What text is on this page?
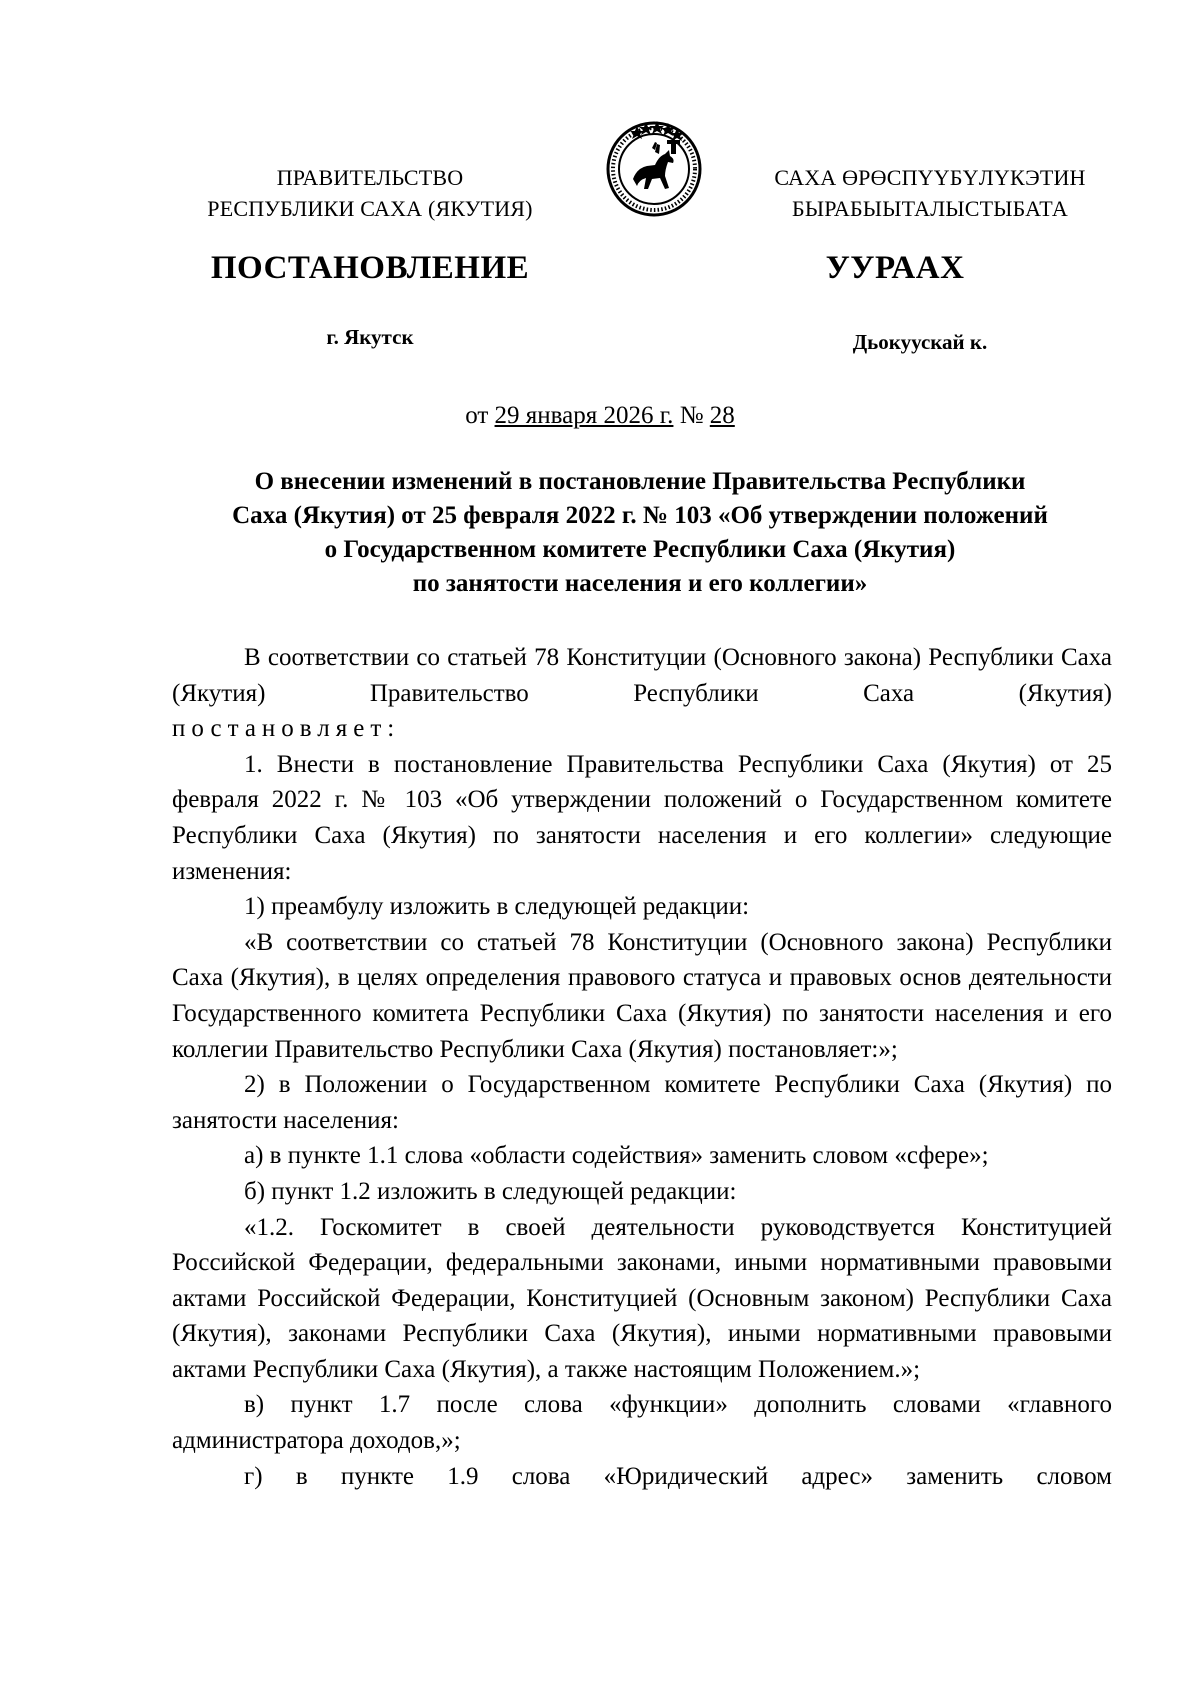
ПРАВИТЕЛЬСТВО
РЕСПУБЛИКИ САХА (ЯКУТИЯ)
САХА ӨРӨСПҮҮБҮЛҮКЭТИН
БЫРАБЫЫТАЛЫСТЫБАТА
ПОСТАНОВЛЕНИЕ	УУРААХ
г. Якутск	Дьокуускай к.
от 29 января 2026 г. № 28
О внесении изменений в постановление Правительства Республики
Саха (Якутия) от 25 февраля 2022 г. № 103 «Об утверждении положений
о Государственном комитете Республики Саха (Якутия)
по занятости населения и его коллегии»

В соответствии со статьей 78 Конституции (Основного закона) Республики Саха (Якутия) Правительство Республики Саха (Якутия)

постановляет:

1. Внести в постановление Правительства Республики Саха (Якутия) от 25 февраля 2022 г. № 103 «Об утверждении положений о Государственном комитете Республики Саха (Якутия) по занятости населения и его коллегии» следующие изменения:

1) преамбулу изложить в следующей редакции:

«В соответствии со статьей 78 Конституции (Основного закона) Республики Саха (Якутия), в целях определения правового статуса и правовых основ деятельности Государственного комитета Республики Саха (Якутия) по занятости населения и его коллегии Правительство Республики Саха (Якутия) постановляет:»;

2) в Положении о Государственном комитете Республики Саха (Якутия) по занятости населения:

а) в пункте 1.1 слова «области содействия» заменить словом «сфере»;

б) пункт 1.2 изложить в следующей редакции:

«1.2. Госкомитет в своей деятельности руководствуется Конституцией Российской Федерации, федеральными законами, иными нормативными правовыми актами Российской Федерации, Конституцией (Основным законом) Республики Саха (Якутия), законами Республики Саха (Якутия), иными нормативными правовыми актами Республики Саха (Якутия), а также настоящим Положением.»;

в) пункт 1.7 после слова «функции» дополнить словами «главного администратора доходов,»;

г) в пункте 1.9 слова «Юридический адрес» заменить словом
